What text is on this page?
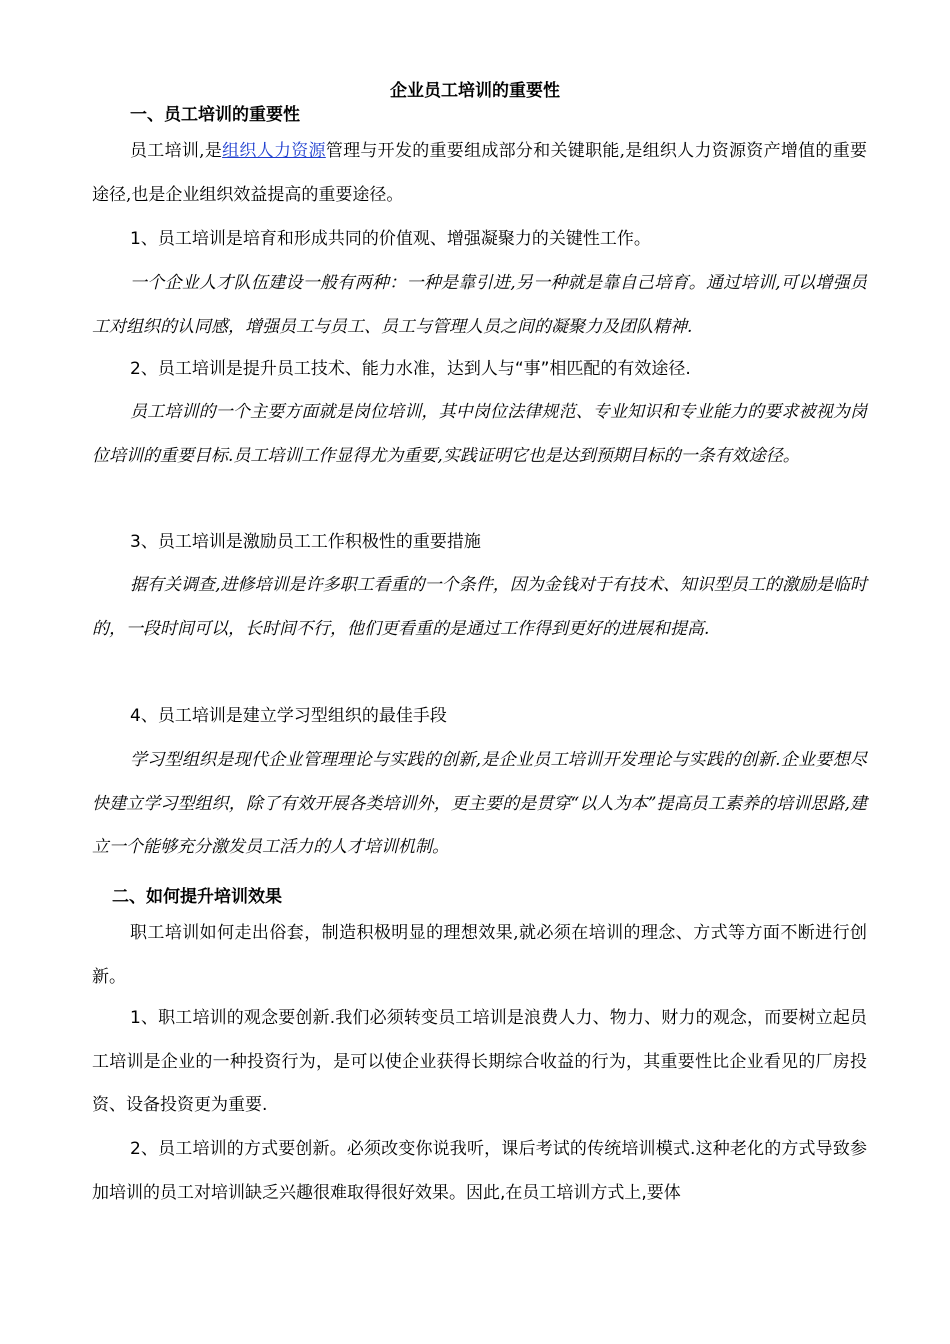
企业员工培训的重要性
一、员工培训的重要性

员工培训,是组织人力资源管理与开发的重要组成部分和关键职能,是组织人力资源资产增值的重要途径,也是企业组织效益提高的重要途径。

1、员工培训是培育和形成共同的价值观、增强凝聚力的关键性工作。

一个企业人才队伍建设一般有两种：一种是靠引进,另一种就是靠自己培育。通过培训,可以增强员工对组织的认同感，增强员工与员工、员工与管理人员之间的凝聚力及团队精神.

2、员工培训是提升员工技术、能力水准，达到人与“事”相匹配的有效途径.

员工培训的一个主要方面就是岗位培训，其中岗位法律规范、专业知识和专业能力的要求被视为岗位培训的重要目标.员工培训工作显得尤为重要,实践证明它也是达到预期目标的一条有效途径。

3、员工培训是激励员工工作积极性的重要措施

据有关调查,进修培训是许多职工看重的一个条件，因为金钱对于有技术、知识型员工的激励是临时的，一段时间可以，长时间不行，他们更看重的是通过工作得到更好的进展和提高.

4、员工培训是建立学习型组织的最佳手段

学习型组织是现代企业管理理论与实践的创新,是企业员工培训开发理论与实践的创新.企业要想尽快建立学习型组织，除了有效开展各类培训外，更主要的是贯穿“以人为本”提高员工素养的培训思路,建立一个能够充分激发员工活力的人才培训机制。

二、如何提升培训效果

职工培训如何走出俗套，制造积极明显的理想效果,就必须在培训的理念、方式等方面不断进行创新。

1、职工培训的观念要创新.我们必须转变员工培训是浪费人力、物力、财力的观念，而要树立起员工培训是企业的一种投资行为，是可以使企业获得长期综合收益的行为，其重要性比企业看见的厂房投资、设备投资更为重要.

2、员工培训的方式要创新。必须改变你说我听，课后考试的传统培训模式.这种老化的方式导致参加培训的员工对培训缺乏兴趣很难取得很好效果。因此,在员工培训方式上,要体
